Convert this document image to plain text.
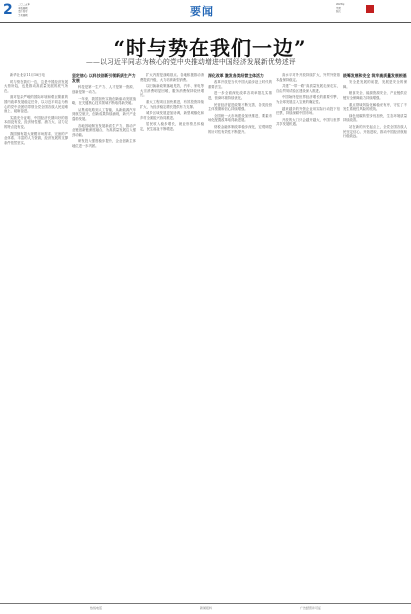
2 二〇二五年
本版编辑
责任校对
美术编辑	要闻
2025年
星期
版次
“时与势在我们一边”
——以习近平同志为核心的党中央推动增进中国经济发展新优势述评

新华社北京11月18日电

时与势在我们一边，这是中国经济发展大势所趋，也是推动高质量发展的底气所在。

面对复杂严峻的国际环境和艰巨繁重的国内改革发展稳定任务，以习近平同志为核心的党中央团结带领全党全国各族人民迎难而上、砥砺奋进。

实践充分证明，中国经济长期向好的基本面没有变，经济韧性强、潜力大、活力足的特点没有变。

我国拥有超大规模市场需求、完备的产业体系、丰富的人力资源，经济发展的支撑条件依然坚实。

坚定信心 以科技创新引领新质生产力发展

科技是第一生产力、人才是第一资源、创新是第一动力。

一年来，我国加快实施创新驱动发展战略，在关键核心技术领域不断取得新突破。

从集成电路到人工智能，从新能源汽车到航空航天，创新成果持续涌现，新兴产业蓬勃发展。

各地因地制宜发展新质生产力，推动产业链创新链深度融合，为高质量发展注入强劲动能。

研发投入强度稳步提升，企业创新主体地位进一步巩固。

扩大内需是战略基点。各地积极推动消费提质升级，大力培育新型消费。

以旧换新政策落地见效，汽车、家电等大宗消费明显回暖，服务消费保持较快增长。

重大工程项目加快推进，有效投资持续扩大，为经济稳定增长提供有力支撑。

城乡区域发展更加协调，新型城镇化和乡村全面振兴协同推进。

居民收入稳步增长，就业形势总体稳定，民生福祉不断增进。

深化改革 激发各类经营主体活力

改革开放是当代中国大踏步赶上时代的重要法宝。

进一步全面深化改革各项举措扎实推进，营商环境持续优化。

民营经济促进政策不断完善，各类经营主体预期和信心持续增强。

全国统一大市场建设加快推进，要素市场化配置改革取得新进展。

财税金融体制改革稳步深化，宏观调控的针对性有效性不断提升。

高水平对外开放持续扩大，外贸外资基本盘保持稳定。

共建“一带一路”高质量发展走深走实，自由贸易试验区建设深入推进。

中国始终是世界经济增长的重要引擎，为全球发展注入宝贵的确定性。

越来越多的外资企业用实际行动投下信任票，持续深耕中国市场。

开放的大门只会越开越大，中国与世界共享发展机遇。

统筹发展和安全 筑牢高质量发展根基

安全是发展的前提，发展是安全的保障。

粮食安全、能源资源安全、产业链供应链安全保障能力持续增强。

重点领域风险化解稳妥有序，守住了不发生系统性风险的底线。

绿色低碳转型步伐加快，生态环境质量持续改善。

站在新的历史起点上，全党全国各族人民坚定信心、开拓进取，推动中国经济航船行稳致远。

热线电话	新闻报料	广告经营许可证
